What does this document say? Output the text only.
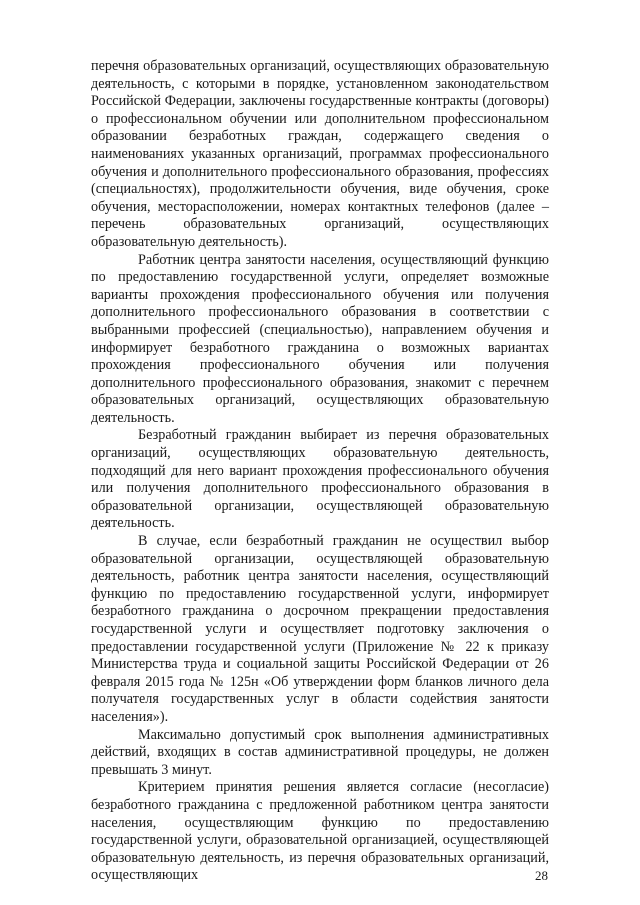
перечня образовательных организаций, осуществляющих образовательную деятельность, с которыми в порядке, установленном законодательством Российской Федерации, заключены государственные контракты (договоры) о профессиональном обучении или дополнительном профессиональном образовании безработных граждан, содержащего сведения о наименованиях указанных организаций, программах профессионального обучения и дополнительного профессионального образования, профессиях (специальностях), продолжительности обучения, виде обучения, сроке обучения, месторасположении, номерах контактных телефонов (далее – перечень образовательных организаций, осуществляющих образовательную деятельность).

Работник центра занятости населения, осуществляющий функцию по предоставлению государственной услуги, определяет возможные варианты прохождения профессионального обучения или получения дополнительного профессионального образования в соответствии с выбранными профессией (специальностью), направлением обучения и информирует безработного гражданина о возможных вариантах прохождения профессионального обучения или получения дополнительного профессионального образования, знакомит с перечнем образовательных организаций, осуществляющих образовательную деятельность.

Безработный гражданин выбирает из перечня образовательных организаций, осуществляющих образовательную деятельность, подходящий для него вариант прохождения профессионального обучения или получения дополнительного профессионального образования в образовательной организации, осуществляющей образовательную деятельность.

В случае, если безработный гражданин не осуществил выбор образовательной организации, осуществляющей образовательную деятельность, работник центра занятости населения, осуществляющий функцию по предоставлению государственной услуги, информирует безработного гражданина о досрочном прекращении предоставления государственной услуги и осуществляет подготовку заключения о предоставлении государственной услуги (Приложение № 22 к приказу Министерства труда и социальной защиты Российской Федерации от 26 февраля 2015 года № 125н «Об утверждении форм бланков личного дела получателя государственных услуг в области содействия занятости населения»).

Максимально допустимый срок выполнения административных действий, входящих в состав административной процедуры, не должен превышать 3 минут.

Критерием принятия решения является согласие (несогласие) безработного гражданина с предложенной работником центра занятости населения, осуществляющим функцию по предоставлению государственной услуги, образовательной организацией, осуществляющей образовательную деятельность, из перечня образовательных организаций, осуществляющих	28
